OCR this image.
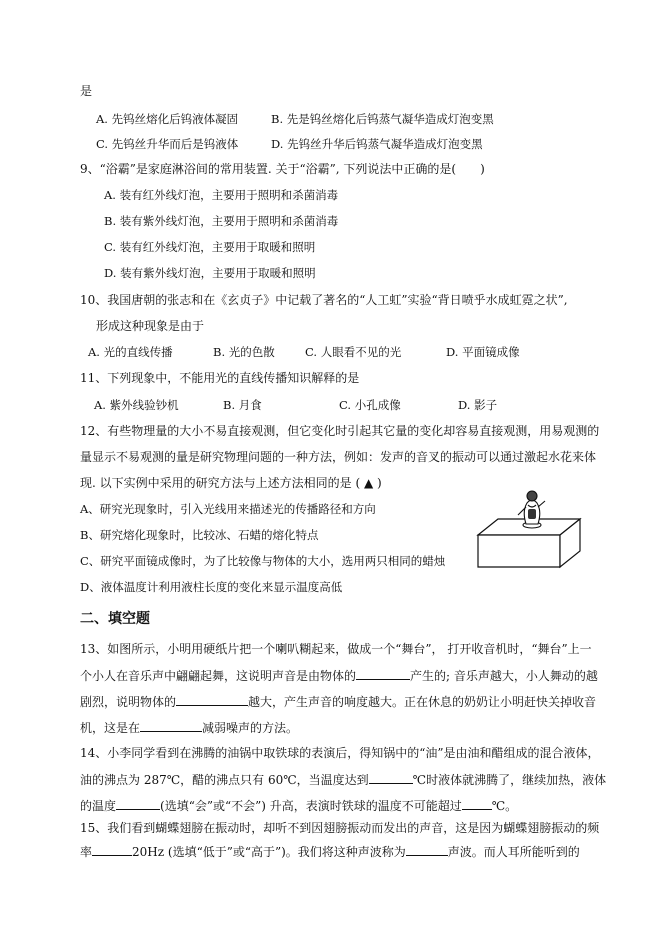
是
A. 先钨丝熔化后钨液体凝固	B. 先是钨丝熔化后钨蒸气凝华造成灯泡变黑
C. 先钨丝升华而后是钨液体	D. 先钨丝升华后钨蒸气凝华造成灯泡变黑
9、“浴霸”是家庭淋浴间的常用装置. 关于“浴霸”, 下列说法中正确的是(　　)
A. 装有红外线灯泡，主要用于照明和杀菌消毒
B. 装有紫外线灯泡，主要用于照明和杀菌消毒
C. 装有红外线灯泡，主要用于取暖和照明
D. 装有紫外线灯泡，主要用于取暖和照明
10、我国唐朝的张志和在《玄贞子》中记载了著名的“人工虹”实验“背日喷乎水成虹霓之状”,
形成这种现象是由于
A. 光的直线传播	B. 光的色散	C. 人眼看不见的光	D. 平面镜成像
11、下列现象中，不能用光的直线传播知识解释的是
A. 紫外线验钞机	B. 月食	C. 小孔成像	D. 影子
12、有些物理量的大小不易直接观测，但它变化时引起其它量的变化却容易直接观测，用易观测的
量显示不易观测的量是研究物理问题的一种方法，例如：发声的音叉的振动可以通过激起水花来体
现. 以下实例中采用的研究方法与上述方法相同的是 ( ▲ )
A、研究光现象时，引入光线用来描述光的传播路径和方向
B、研究熔化现象时，比较冰、石蜡的熔化特点
C、研究平面镜成像时，为了比较像与物体的大小，选用两只相同的蜡烛
D、液体温度计利用液柱长度的变化来显示温度高低
二、填空题
13、如图所示，小明用硬纸片把一个喇叭糊起来，做成一个“舞台”， 打开收音机时，“舞台”上一
个小人在音乐声中翩翩起舞，这说明声音是由物体的	产生的; 音乐声越大，小人舞动的越
剧烈，说明物体的	越大，产生声音的响度越大。正在休息的奶奶让小明赶快关掉收音
机，这是在	减弱噪声的方法。
14、小李同学看到在沸腾的油锅中取铁球的表演后，得知锅中的“油”是由油和醋组成的混合液体，
油的沸点为 287℃，醋的沸点只有 60℃，当温度达到	℃时液体就沸腾了，继续加热，液体
的温度	(选填“会”或“不会”) 升高，表演时铁球的温度不可能超过	℃。
15、我们看到蝴蝶翅膀在振动时，却听不到因翅膀振动而发出的声音，这是因为蝴蝶翅膀振动的频
率	20Hz (选填“低于”或“高于”)。我们将这种声波称为	声波。而人耳所能听到的
